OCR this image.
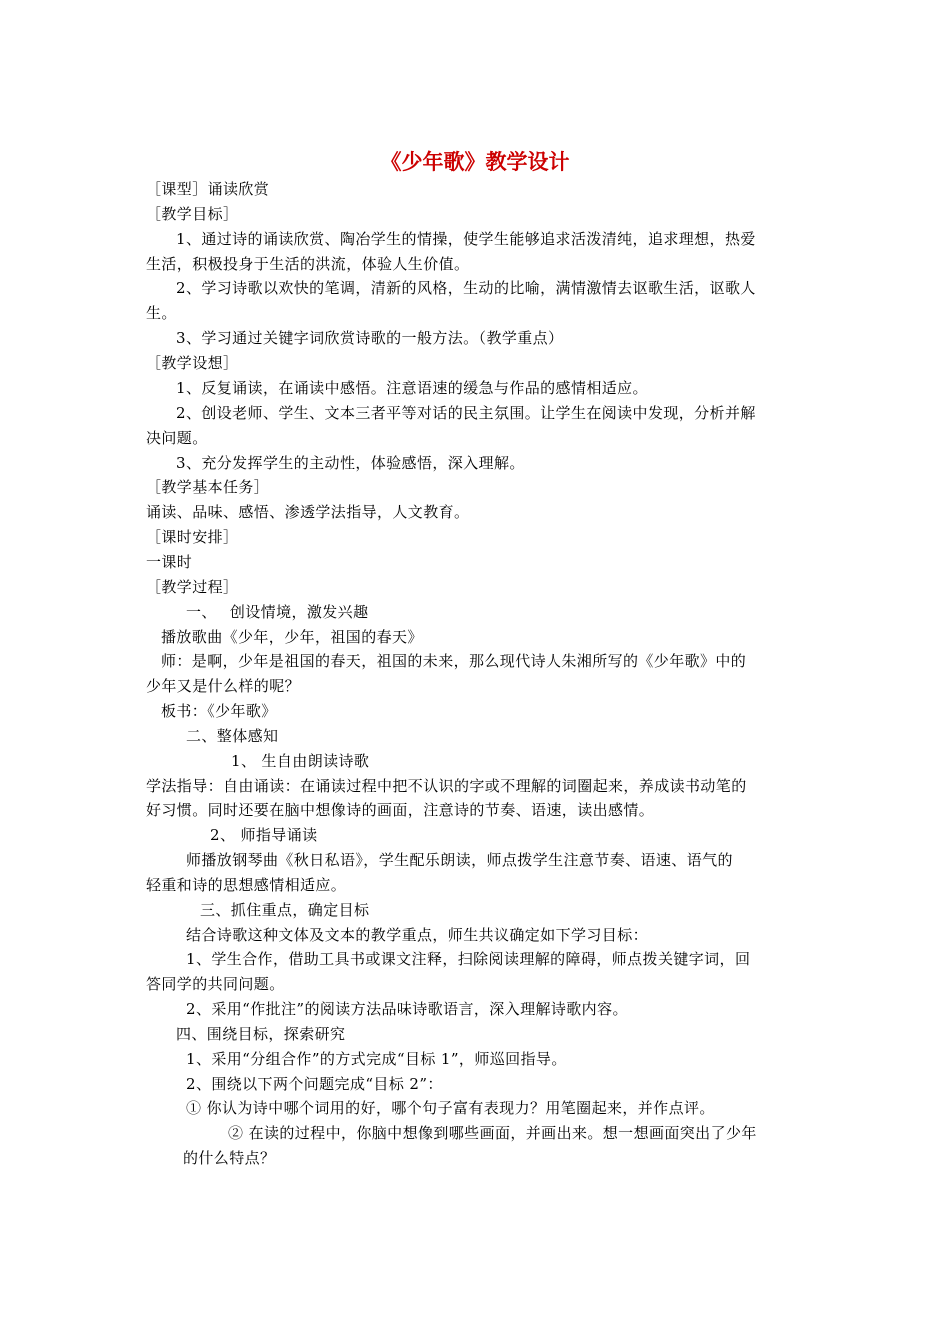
《少年歌》教学设计
［课型］诵读欣赏
［教学目标］
1、通过诗的诵读欣赏、陶冶学生的情操，使学生能够追求活泼清纯，追求理想，热爱
生活，积极投身于生活的洪流，体验人生价值。
2、学习诗歌以欢快的笔调，清新的风格，生动的比喻，满情激情去讴歌生活，讴歌人
生。
3、学习通过关键字词欣赏诗歌的一般方法。（教学重点）
［教学设想］
1、反复诵读，在诵读中感悟。注意语速的缓急与作品的感情相适应。
2、创设老师、学生、文本三者平等对话的民主氛围。让学生在阅读中发现，分析并解
决问题。
3、充分发挥学生的主动性，体验感悟，深入理解。
［教学基本任务］
诵读、品味、感悟、渗透学法指导，人文教育。
［课时安排］
一课时
［教学过程］
一、　 创设情境，激发兴趣
播放歌曲《少年，少年，祖国的春天》
师：是啊，少年是祖国的春天，祖国的未来，那么现代诗人朱湘所写的《少年歌》中的
少年又是什么样的呢？
板书：《少年歌》
二、整体感知
1、 生自由朗读诗歌
学法指导：自由诵读：在诵读过程中把不认识的字或不理解的词圈起来，养成读书动笔的
好习惯。同时还要在脑中想像诗的画面，注意诗的节奏、语速，读出感情。
2、 师指导诵读
师播放钢琴曲《秋日私语》，学生配乐朗读，师点拨学生注意节奏、语速、语气的
轻重和诗的思想感情相适应。
三、抓住重点，确定目标
结合诗歌这种文体及文本的教学重点，师生共议确定如下学习目标：
1、学生合作，借助工具书或课文注释，扫除阅读理解的障碍，师点拨关键字词，回
答同学的共同问题。
2、采用“作批注”的阅读方法品味诗歌语言，深入理解诗歌内容。
四、围绕目标，探索研究
1、采用“分组合作”的方式完成“目标 1”，师巡回指导。
2、围绕以下两个问题完成“目标 2”：
① 你认为诗中哪个词用的好，哪个句子富有表现力？用笔圈起来，并作点评。
② 在读的过程中，你脑中想像到哪些画面，并画出来。想一想画面突出了少年
的什么特点？
